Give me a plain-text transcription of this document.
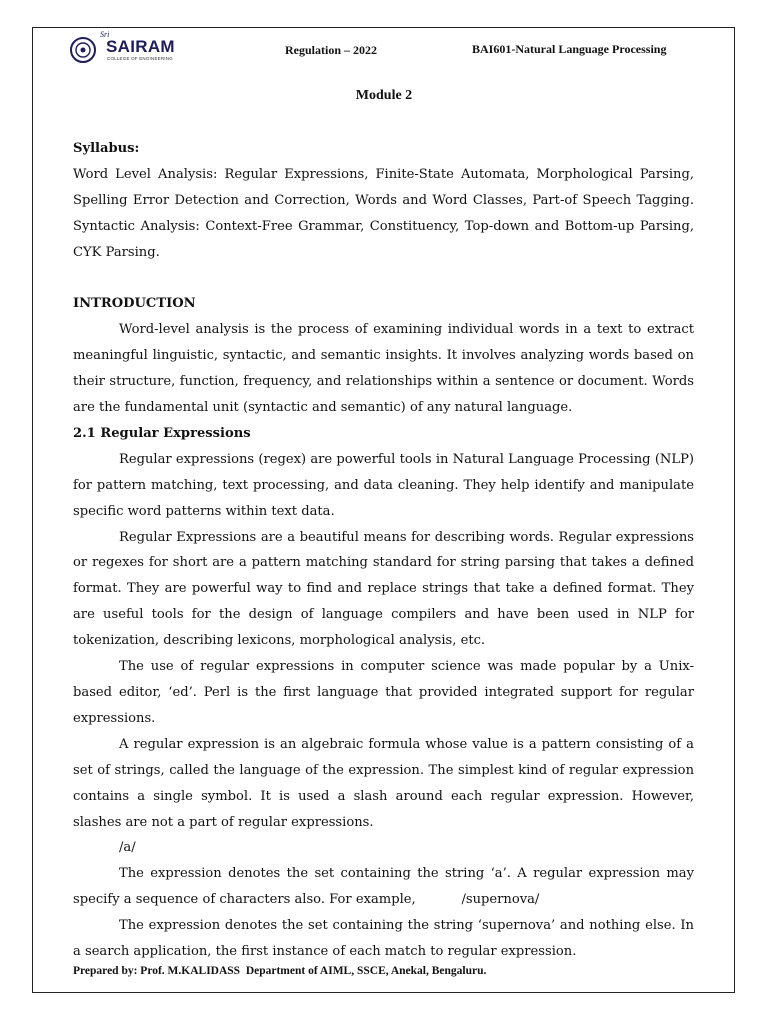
Sri
SAIRAM
COLLEGE OF ENGINEERING
Regulation – 2022	BAI601-Natural Language Processing
Module 2

Syllabus:

Word Level Analysis: Regular Expressions, Finite-State Automata, Morphological Parsing, Spelling Error Detection and Correction, Words and Word Classes, Part-of Speech Tagging. Syntactic Analysis: Context-Free Grammar, Constituency, Top-down and Bottom-up Parsing, CYK Parsing.

INTRODUCTION

Word-level analysis is the process of examining individual words in a text to extract meaningful linguistic, syntactic, and semantic insights. It involves analyzing words based on their structure, function, frequency, and relationships within a sentence or document. Words are the fundamental unit (syntactic and semantic) of any natural language.

2.1 Regular Expressions

Regular expressions (regex) are powerful tools in Natural Language Processing (NLP) for pattern matching, text processing, and data cleaning. They help identify and manipulate specific word patterns within text data.

Regular Expressions are a beautiful means for describing words. Regular expressions or regexes for short are a pattern matching standard for string parsing that takes a defined format. They are powerful way to find and replace strings that take a defined format. They are useful tools for the design of language compilers and have been used in NLP for tokenization, describing lexicons, morphological analysis, etc.

The use of regular expressions in computer science was made popular by a Unix-based editor, ‘ed’. Perl is the first language that provided integrated support for regular expressions.

A regular expression is an algebraic formula whose value is a pattern consisting of a set of strings, called the language of the expression. The simplest kind of regular expression contains a single symbol. It is used a slash around each regular expression. However, slashes are not a part of regular expressions.

/a/

The expression denotes the set containing the string ‘a’. A regular expression may specify a sequence of characters also. For example,           /supernova/

The expression denotes the set containing the string ‘supernova’ and nothing else. In a search application, the first instance of each match to regular expression.

Prepared by: Prof. M.KALIDASS  Department of AIML, SSCE, Anekal, Bengaluru.
